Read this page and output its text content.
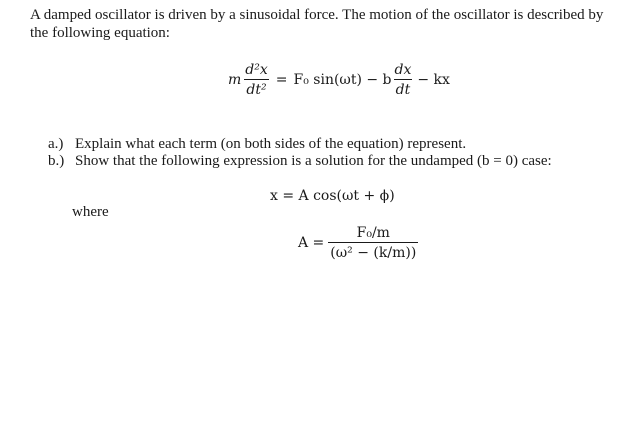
A damped oscillator is driven by a sinusoidal force. The motion of the oscillator is described by
the following equation:
m $\frac{\text{d²x}}{\text{dt²}} = F_0$ sin(ωt) − b $\frac{dx}{dt}$ − kx
a.) Explain what each term (on both sides of the equation) represent.
b.) Show that the following expression is a solution for the undamped (b = 0) case:
x = A cos(ωt + ϕ)
where
$A = \frac{\text{F₀/m}}{\text{(ω² − (k/m))}}$
